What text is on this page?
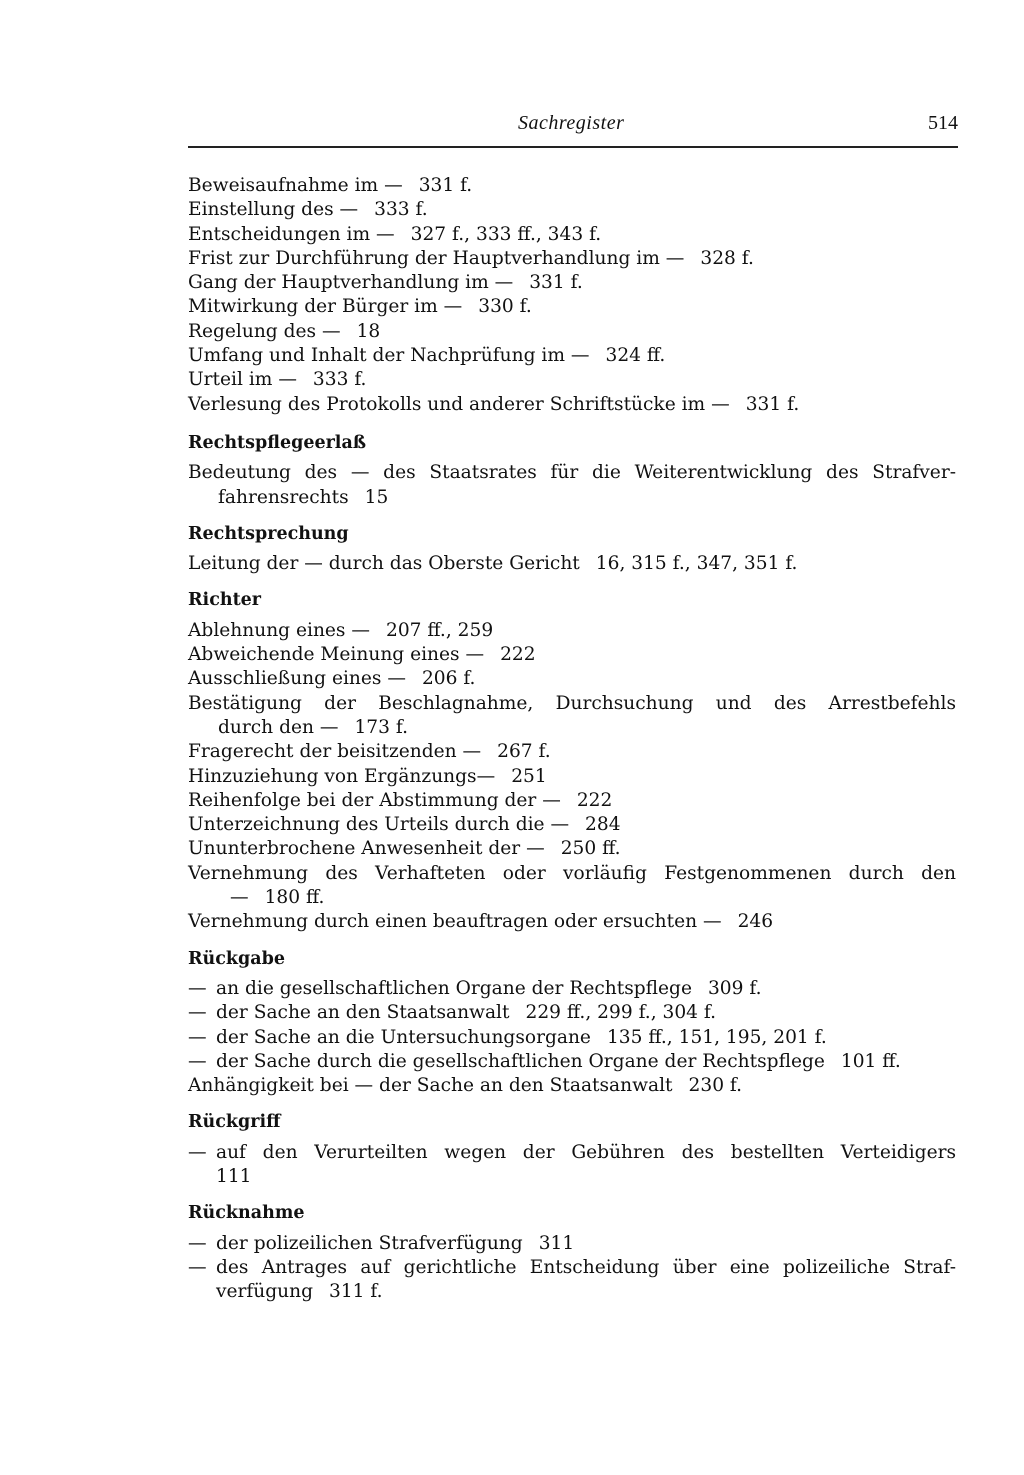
Sachregister	514
Beweisaufnahme im — 331 f.
Einstellung des — 333 f.
Entscheidungen im — 327 f., 333 ff., 343 f.
Frist zur Durchführung der Hauptverhandlung im — 328 f.
Gang der Hauptverhandlung im — 331 f.
Mitwirkung der Bürger im — 330 f.
Regelung des — 18
Umfang und Inhalt der Nachprüfung im — 324 ff.
Urteil im — 333 f.
Verlesung des Protokolls und anderer Schriftstücke im — 331 f.
Rechtspflegeerlaß
Bedeutung des — des Staatsrates für die Weiterentwicklung des Strafver-
fahrensrechts 15
Rechtsprechung
Leitung der — durch das Oberste Gericht 16, 315 f., 347, 351 f.
Richter
Ablehnung eines — 207 ff., 259
Abweichende Meinung eines — 222
Ausschließung eines — 206 f.
Bestätigung der Beschlagnahme, Durchsuchung und des Arrestbefehls
durch den — 173 f.
Fragerecht der beisitzenden — 267 f.
Hinzuziehung von Ergänzungs— 251
Reihenfolge bei der Abstimmung der — 222
Unterzeichnung des Urteils durch die — 284
Ununterbrochene Anwesenheit der — 250 ff.
Vernehmung des Verhafteten oder vorläufig Festgenommenen durch den
— 180 ff.
Vernehmung durch einen beauftragen oder ersuchten — 246
Rückgabe
— an die gesellschaftlichen Organe der Rechtspflege 309 f.
— der Sache an den Staatsanwalt 229 ff., 299 f., 304 f.
— der Sache an die Untersuchungsorgane 135 ff., 151, 195, 201 f.
— der Sache durch die gesellschaftlichen Organe der Rechtspflege 101 ff.
Anhängigkeit bei — der Sache an den Staatsanwalt 230 f.
Rückgriff
— auf den Verurteilten wegen der Gebühren des bestellten Verteidigers
111
Rücknahme
— der polizeilichen Strafverfügung 311
— des Antrages auf gerichtliche Entscheidung über eine polizeiliche Straf-
verfügung 311 f.
